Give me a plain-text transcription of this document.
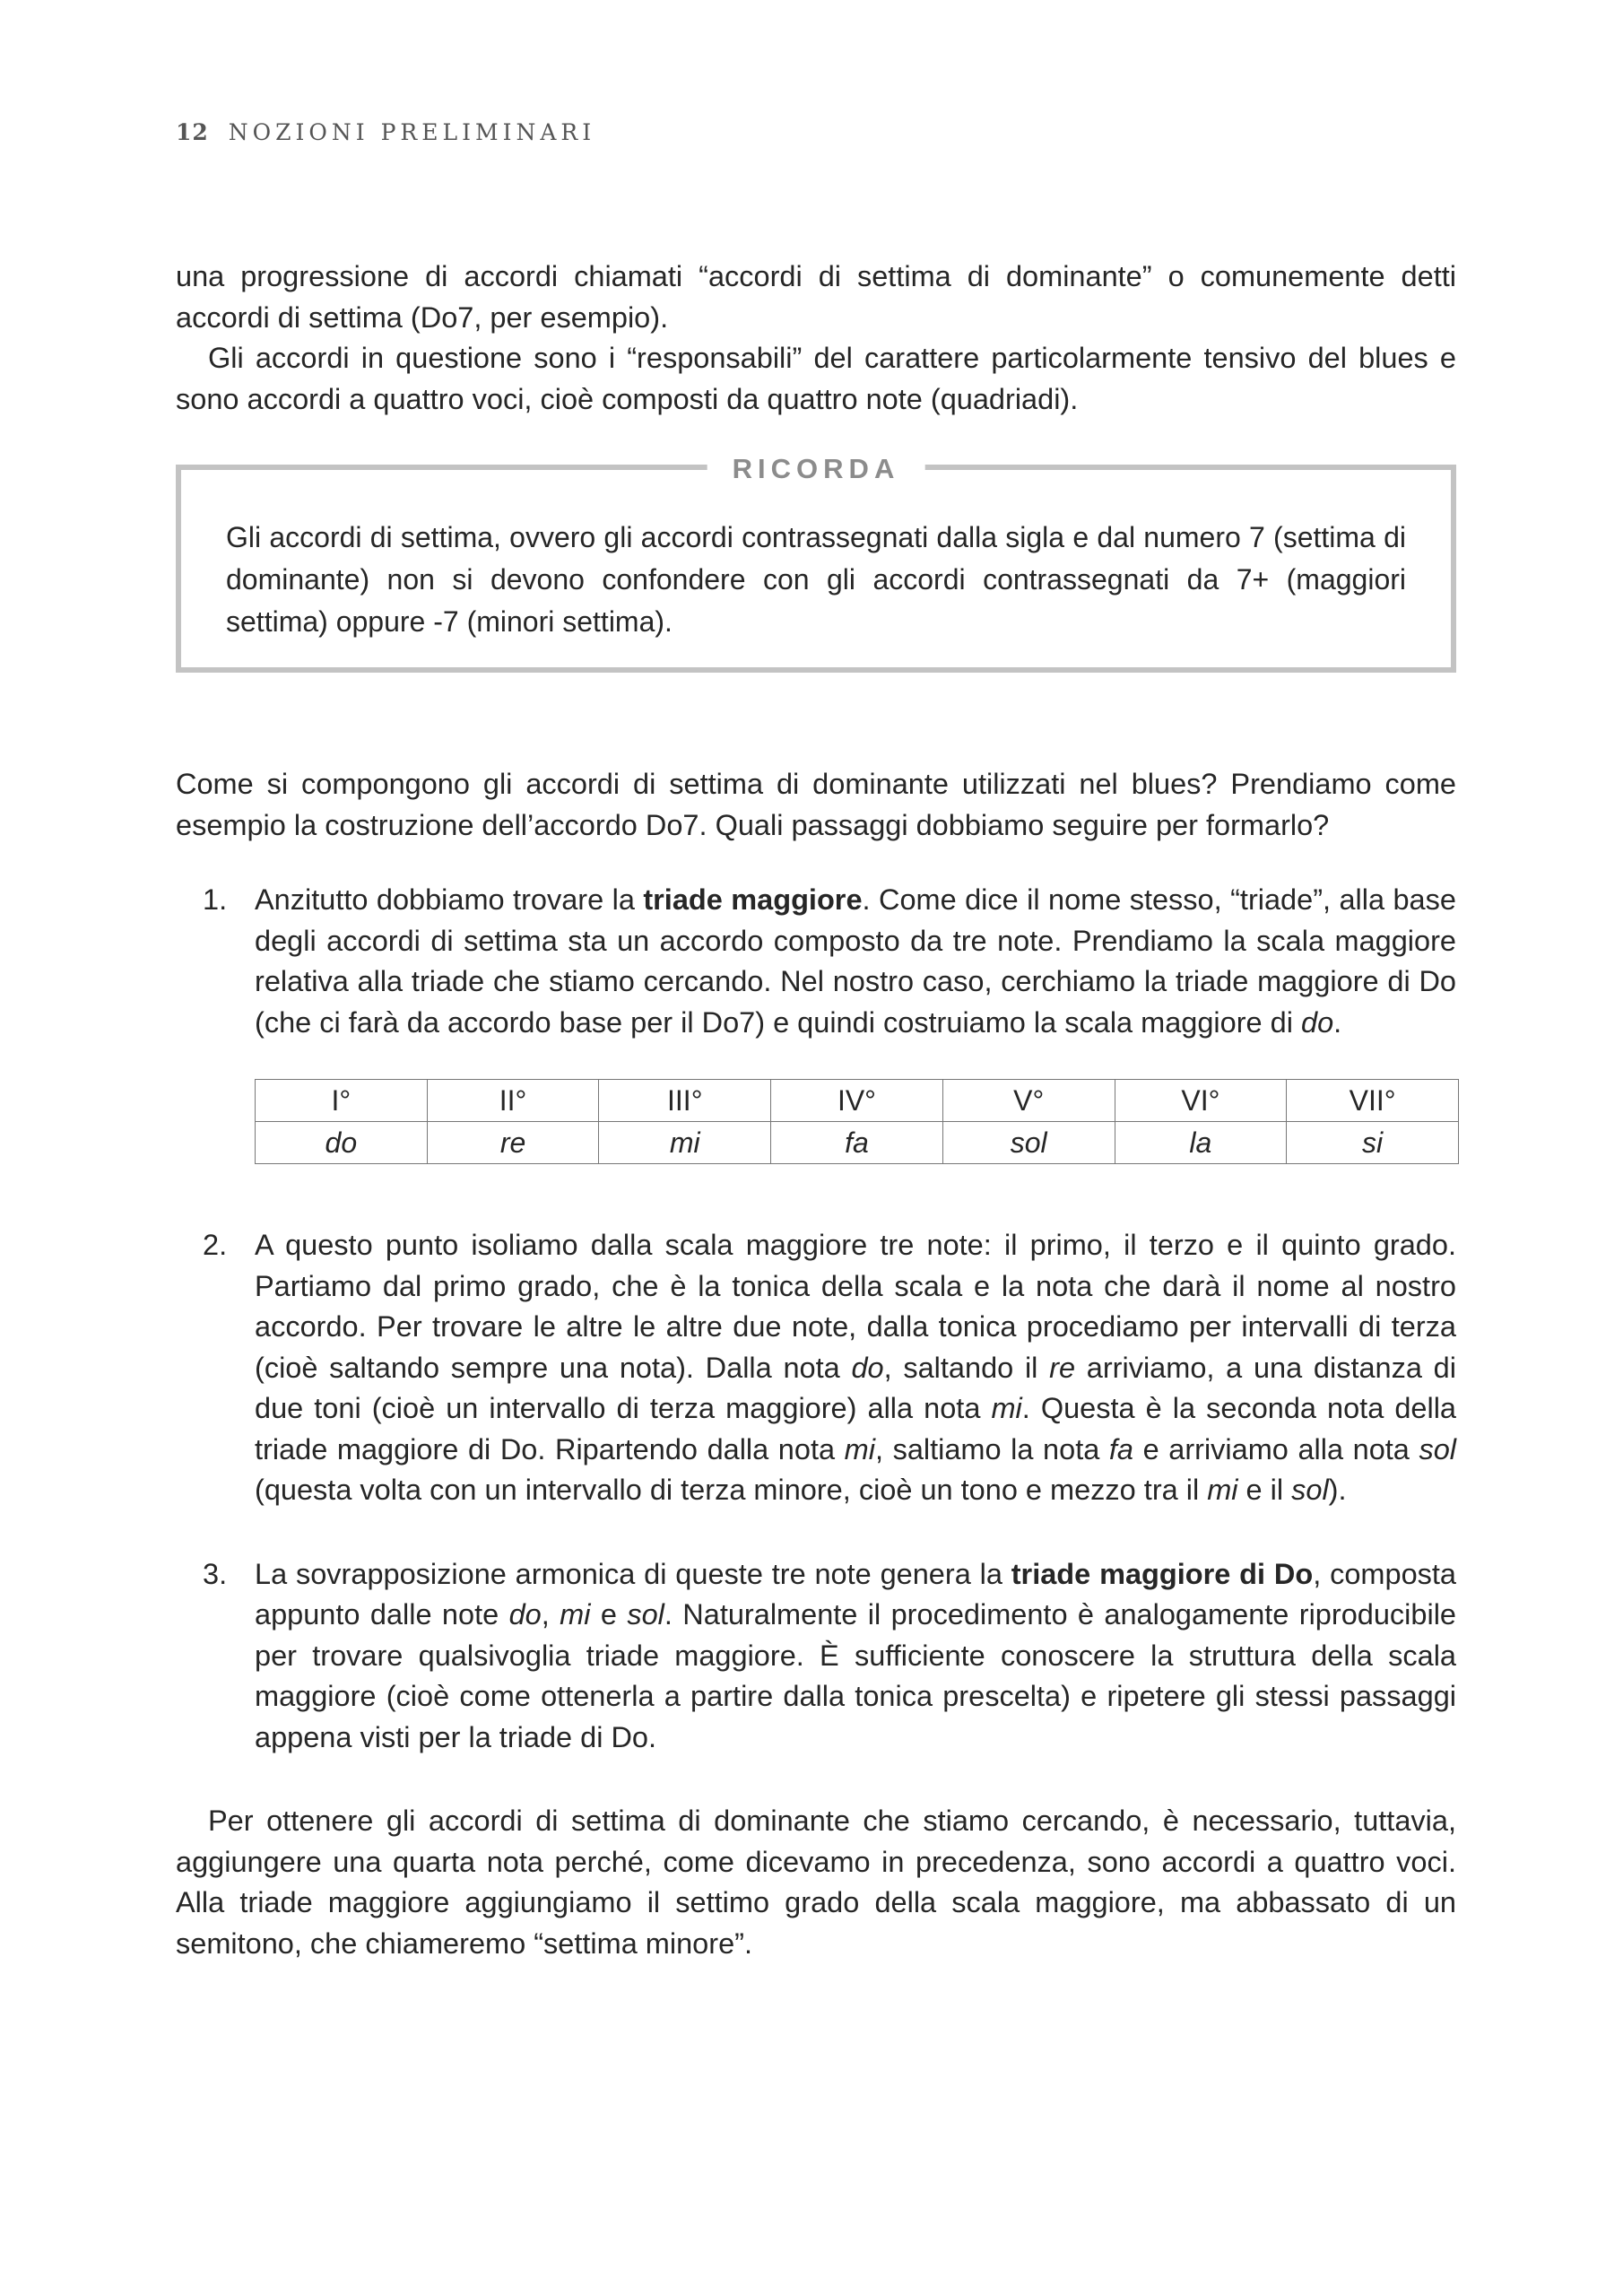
12 NOZIONI PRELIMINARI

una progressione di accordi chiamati “accordi di settima di dominante” o comunemente detti accordi di settima (Do7, per esempio).

Gli accordi in questione sono i “responsabili” del carattere particolarmente tensivo del blues e sono accordi a quattro voci, cioè composti da quattro note (quadriadi).

RICORDA

Gli accordi di settima, ovvero gli accordi contrassegnati dalla sigla e dal numero 7 (settima di dominante) non si devono confondere con gli accordi contrassegnati da 7+ (maggiori settima) oppure -7 (minori settima).

Come si compongono gli accordi di settima di dominante utilizzati nel blues? Prendiamo come esempio la costruzione dell’accordo Do7. Quali passaggi dobbiamo seguire per formarlo?

1. Anzitutto dobbiamo trovare la triade maggiore. Come dice il nome stesso, “triade”, alla base degli accordi di settima sta un accordo composto da tre note. Prendiamo la scala maggiore relativa alla triade che stiamo cercando. Nel nostro caso, cerchiamo la triade maggiore di Do (che ci farà da accordo base per il Do7) e quindi costruiamo la scala maggiore di do.

I°	II°	III°	IV°	V°	VI°	VII°
do	re	mi	fa	sol	la	si
2. A questo punto isoliamo dalla scala maggiore tre note: il primo, il terzo e il quinto grado. Partiamo dal primo grado, che è la tonica della scala e la nota che darà il nome al nostro accordo. Per trovare le altre le altre due note, dalla tonica procediamo per intervalli di terza (cioè saltando sempre una nota). Dalla nota do, saltando il re arriviamo, a una distanza di due toni (cioè un intervallo di terza maggiore) alla nota mi. Questa è la seconda nota della triade maggiore di Do. Ripartendo dalla nota mi, saltiamo la nota fa e arriviamo alla nota sol (questa volta con un intervallo di terza minore, cioè un tono e mezzo tra il mi e il sol).

3. La sovrapposizione armonica di queste tre note genera la triade maggiore di Do, composta appunto dalle note do, mi e sol. Naturalmente il procedimento è analogamente riproducibile per trovare qualsivoglia triade maggiore. È sufficiente conoscere la struttura della scala maggiore (cioè come ottenerla a partire dalla tonica prescelta) e ripetere gli stessi passaggi appena visti per la triade di Do.

Per ottenere gli accordi di settima di dominante che stiamo cercando, è necessario, tuttavia, aggiungere una quarta nota perché, come dicevamo in precedenza, sono accordi a quattro voci. Alla triade maggiore aggiungiamo il settimo grado della scala maggiore, ma abbassato di un semitono, che chiameremo “settima minore”.
